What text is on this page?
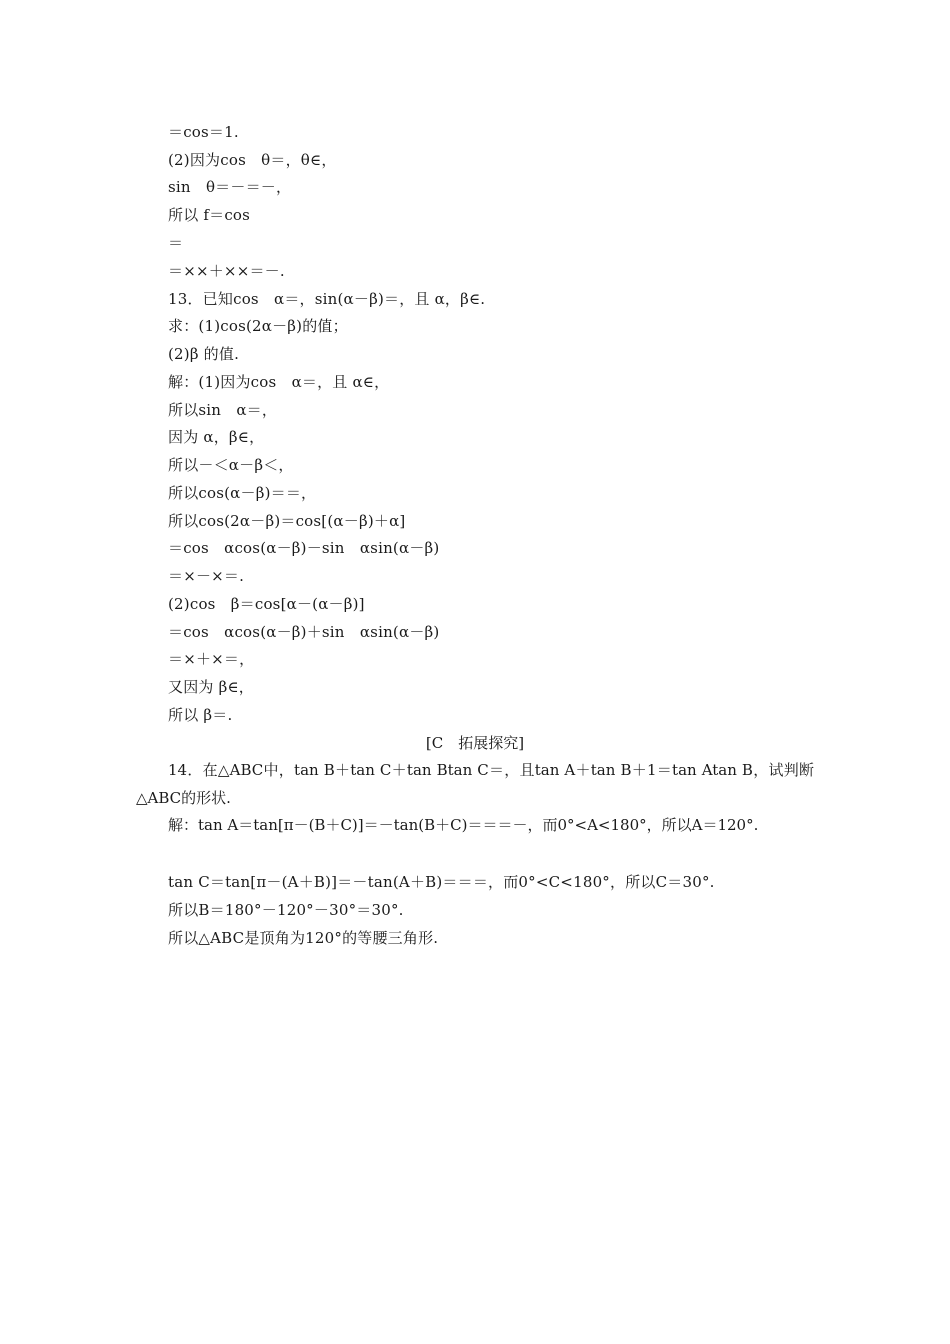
＝cos＝1.
(2)因为cos　θ＝，θ∈，
sin　θ＝－＝－，
所以 f＝cos
＝
＝××＋××＝－.
13．已知cos　α＝，sin(α－β)＝，且 α，β∈.
求：(1)cos(2α－β)的值；
(2)β 的值.
解：(1)因为cos　α＝，且 α∈，
所以sin　α＝，
因为 α，β∈，
所以－＜α－β＜，
所以cos(α－β)＝＝，
所以cos(2α－β)＝cos[(α－β)＋α]
＝cos　αcos(α－β)－sin　αsin(α－β)
＝×－×＝.
(2)cos　β＝cos[α－(α－β)]
＝cos　αcos(α－β)＋sin　αsin(α－β)
＝×＋×＝，
又因为 β∈，
所以 β＝.
[C　拓展探究]
14．在△ABC中，tan B＋tan C＋tan Btan C＝，且tan A＋tan B＋1＝tan Atan B，试判断△ABC的形状.
解：tan A＝tan[π－(B＋C)]＝－tan(B＋C)＝＝＝－，而0°<A<180°，所以A＝120°.
tan C＝tan[π－(A＋B)]＝－tan(A＋B)＝＝＝，而0°<C<180°，所以C＝30°.
所以B＝180°－120°－30°＝30°.
所以△ABC是顶角为120°的等腰三角形.
